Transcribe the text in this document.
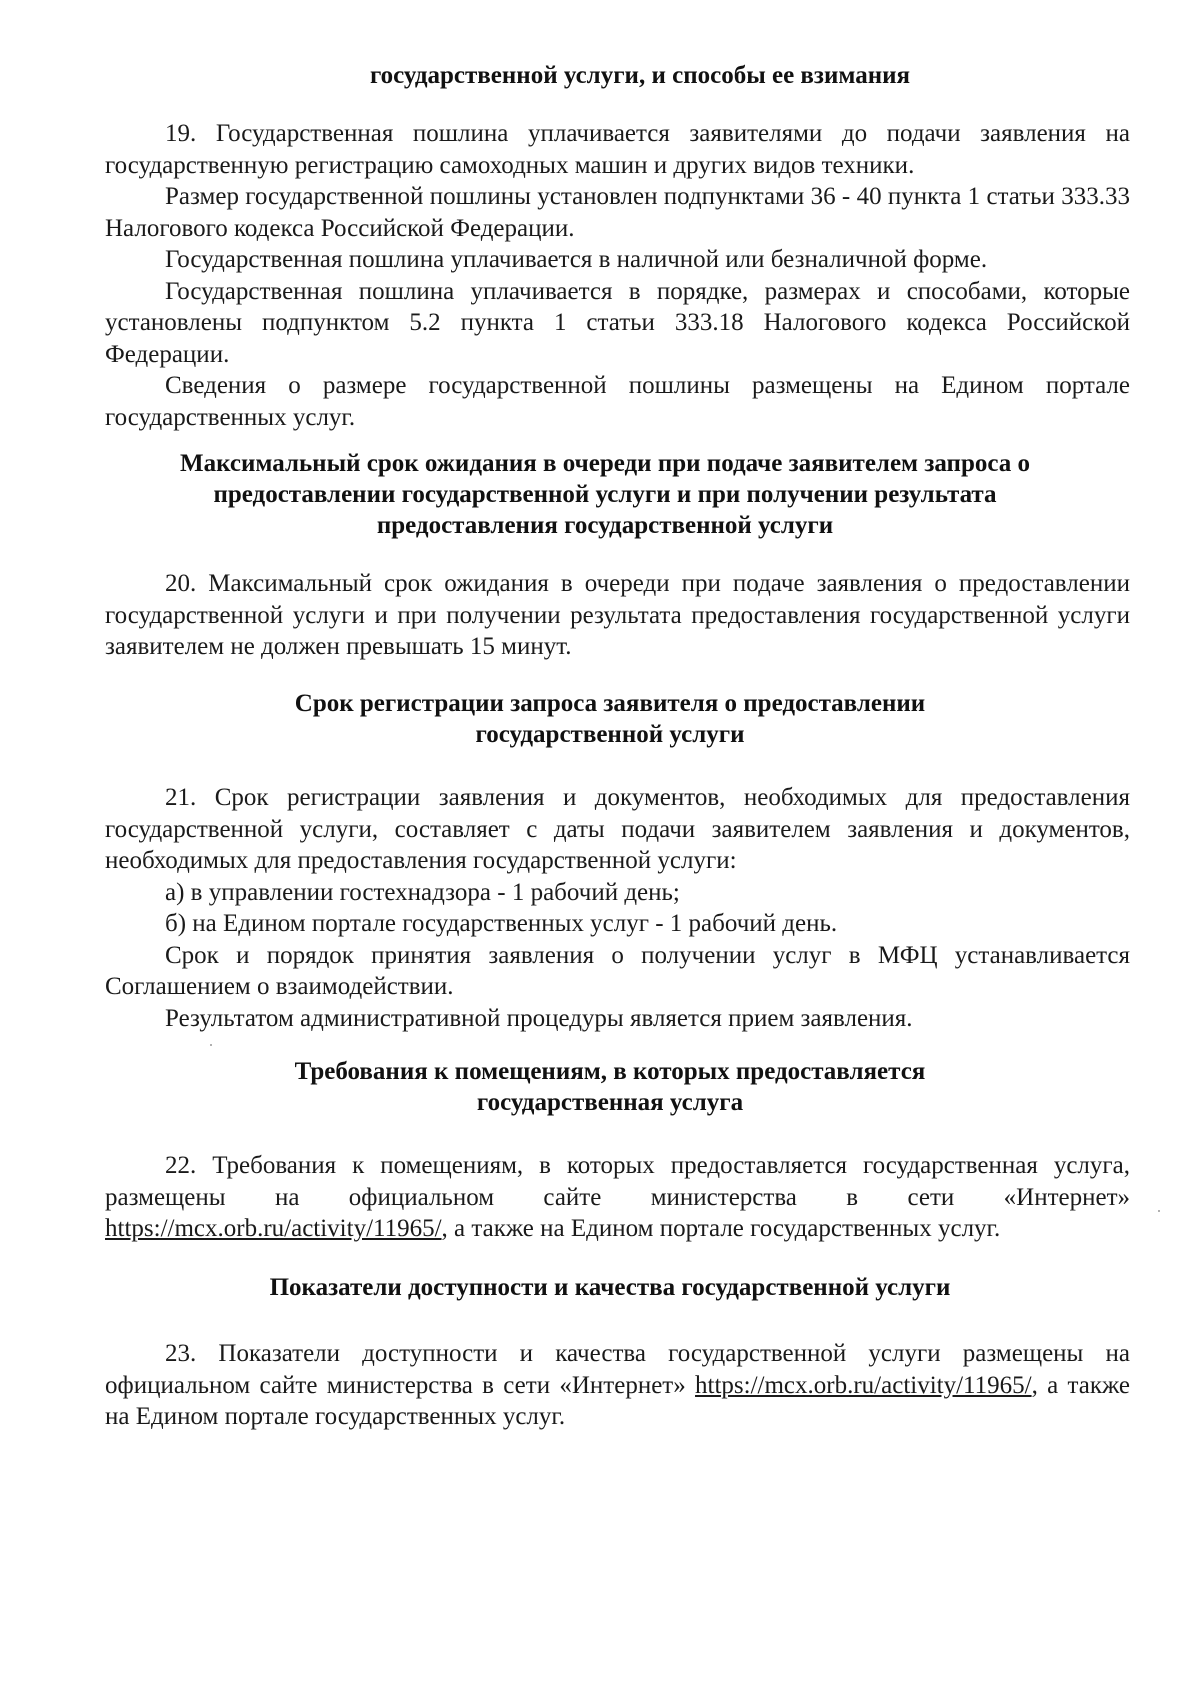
государственной услуги, и способы ее взимания

19. Государственная пошлина уплачивается заявителями до подачи заявления на государственную регистрацию самоходных машин и других видов техники.

Размер государственной пошлины установлен подпунктами 36 - 40 пункта 1 статьи 333.33 Налогового кодекса Российской Федерации.

Государственная пошлина уплачивается в наличной или безналичной форме.

Государственная пошлина уплачивается в порядке, размерах и способами, которые установлены подпунктом 5.2 пункта 1 статьи 333.18 Налогового кодекса Российской Федерации.

Сведения о размере государственной пошлины размещены на Едином портале государственных услуг.

Максимальный срок ожидания в очереди при подаче заявителем запроса о предоставлении государственной услуги и при получении результата предоставления государственной услуги

20. Максимальный срок ожидания в очереди при подаче заявления о предоставлении государственной услуги и при получении результата предоставления государственной услуги заявителем не должен превышать 15 минут.

Срок регистрации запроса заявителя о предоставлении государственной услуги

21. Срок регистрации заявления и документов, необходимых для предоставления государственной услуги, составляет с даты подачи заявителем заявления и документов, необходимых для предоставления государственной услуги:

а) в управлении гостехнадзора - 1 рабочий день;

б) на Едином портале государственных услуг - 1 рабочий день.

Срок и порядок принятия заявления о получении услуг в МФЦ устанавливается Соглашением о взаимодействии.

Результатом административной процедуры является прием заявления.

Требования к помещениям, в которых предоставляется государственная услуга

22. Требования к помещениям, в которых предоставляется государственная услуга, размещены на официальном сайте министерства в сети «Интернет» https://mcx.orb.ru/activity/11965/, а также на Едином портале государственных услуг.

Показатели доступности и качества государственной услуги

23. Показатели доступности и качества государственной услуги размещены на официальном сайте министерства в сети «Интернет» https://mcx.orb.ru/activity/11965/, а также на Едином портале государственных услуг.
